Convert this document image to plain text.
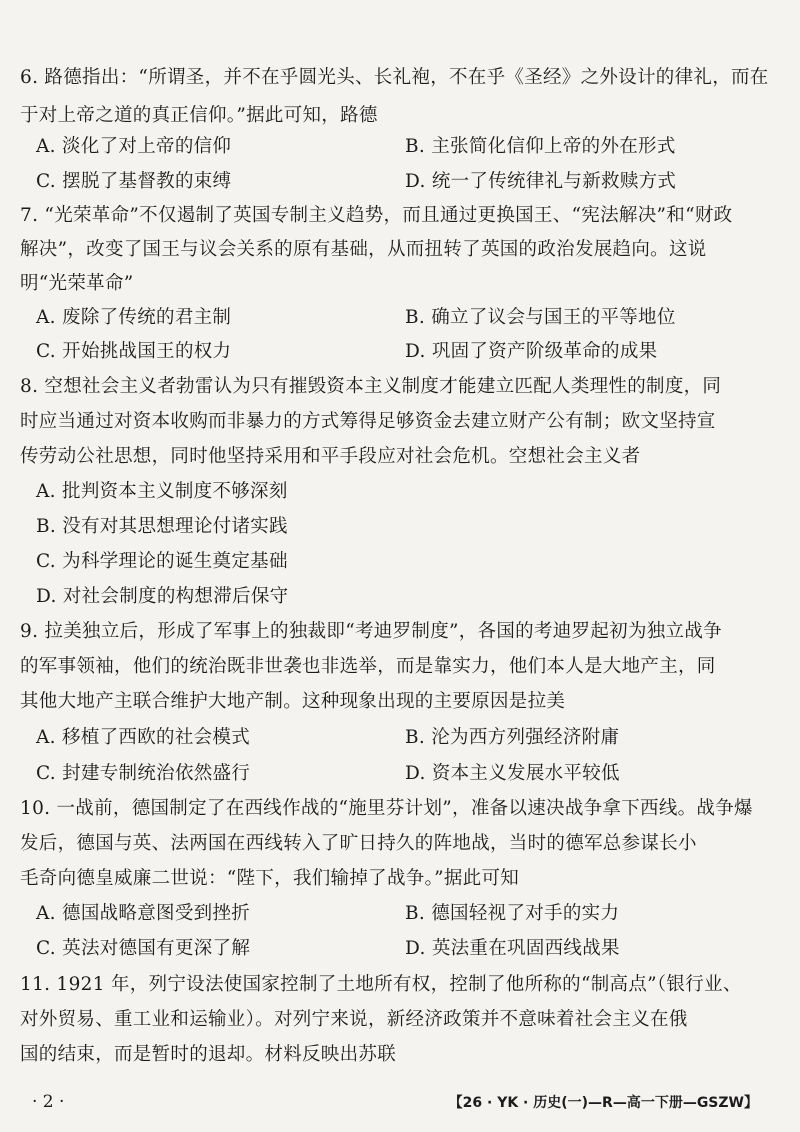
6. 路德指出：“所谓圣，并不在乎圆光头、长礼袍，不在乎《圣经》之外设计的律礼，而在
于对上帝之道的真正信仰。”据此可知，路德
A. 淡化了对上帝的信仰	B. 主张简化信仰上帝的外在形式
C. 摆脱了基督教的束缚	D. 统一了传统律礼与新救赎方式
7. “光荣革命”不仅遏制了英国专制主义趋势，而且通过更换国王、“宪法解决”和“财政
解决”，改变了国王与议会关系的原有基础，从而扭转了英国的政治发展趋向。这说
明“光荣革命”
A. 废除了传统的君主制	B. 确立了议会与国王的平等地位
C. 开始挑战国王的权力	D. 巩固了资产阶级革命的成果
8. 空想社会主义者勃雷认为只有摧毁资本主义制度才能建立匹配人类理性的制度，同
时应当通过对资本收购而非暴力的方式筹得足够资金去建立财产公有制；欧文坚持宣
传劳动公社思想，同时他坚持采用和平手段应对社会危机。空想社会主义者
A. 批判资本主义制度不够深刻
B. 没有对其思想理论付诸实践
C. 为科学理论的诞生奠定基础
D. 对社会制度的构想滞后保守
9. 拉美独立后，形成了军事上的独裁即“考迪罗制度”，各国的考迪罗起初为独立战争
的军事领袖，他们的统治既非世袭也非选举，而是靠实力，他们本人是大地产主，同
其他大地产主联合维护大地产制。这种现象出现的主要原因是拉美
A. 移植了西欧的社会模式	B. 沦为西方列强经济附庸
C. 封建专制统治依然盛行	D. 资本主义发展水平较低
10. 一战前，德国制定了在西线作战的“施里芬计划”，准备以速决战争拿下西线。战争爆
发后，德国与英、法两国在西线转入了旷日持久的阵地战，当时的德军总参谋长小
毛奇向德皇威廉二世说：“陛下，我们输掉了战争。”据此可知
A. 德国战略意图受到挫折	B. 德国轻视了对手的实力
C. 英法对德国有更深了解	D. 英法重在巩固西线战果
11. 1921 年，列宁设法使国家控制了土地所有权，控制了他所称的“制高点”（银行业、
对外贸易、重工业和运输业）。对列宁来说，新经济政策并不意味着社会主义在俄
国的结束，而是暂时的退却。材料反映出苏联
· 2 ·	【26 · YK · 历史(一)—R—高一下册—GSZW】
